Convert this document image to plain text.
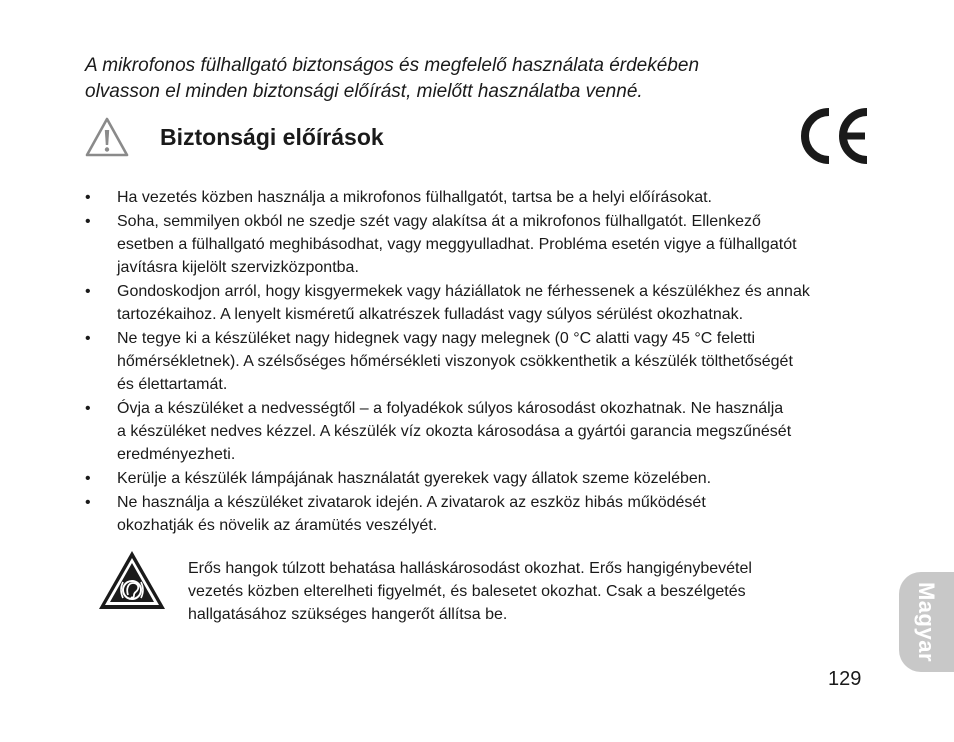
A mikrofonos fülhallgató biztonságos és megfelelő használata érdekében
olvasson el minden biztonsági előírást, mielőtt használatba venné.

Biztonsági előírások
• Ha vezetés közben használja a mikrofonos fülhallgatót, tartsa be a helyi előírásokat.
• Soha, semmilyen okból ne szedje szét vagy alakítsa át a mikrofonos fülhallgatót. Ellenkező
esetben a fülhallgató meghibásodhat, vagy meggyulladhat. Probléma esetén vigye a fülhallgatót
javításra kijelölt szervizközpontba.
• Gondoskodjon arról, hogy kisgyermekek vagy háziállatok ne férhessenek a készülékhez és annak
tartozékaihoz. A lenyelt kisméretű alkatrészek fulladást vagy súlyos sérülést okozhatnak.
• Ne tegye ki a készüléket nagy hidegnek vagy nagy melegnek (0 °C alatti vagy 45 °C feletti
hőmérsékletnek). A szélsőséges hőmérsékleti viszonyok csökkenthetik a készülék tölthetőségét
és élettartamát.
• Óvja a készüléket a nedvességtől – a folyadékok súlyos károsodást okozhatnak. Ne használja
a készüléket nedves kézzel. A készülék víz okozta károsodása a gyártói garancia megszűnését
eredményezheti.
• Kerülje a készülék lámpájának használatát gyerekek vagy állatok szeme közelében.
• Ne használja a készüléket zivatarok idején. A zivatarok az eszköz hibás működését
okozhatják és növelik az áramütés veszélyét.

Erős hangok túlzott behatása halláskárosodást okozhat. Erős hangigénybevétel
vezetés közben elterelheti figyelmét, és balesetet okozhat. Csak a beszélgetés
hallgatásához szükséges hangerőt állítsa be.	Magyar

129
